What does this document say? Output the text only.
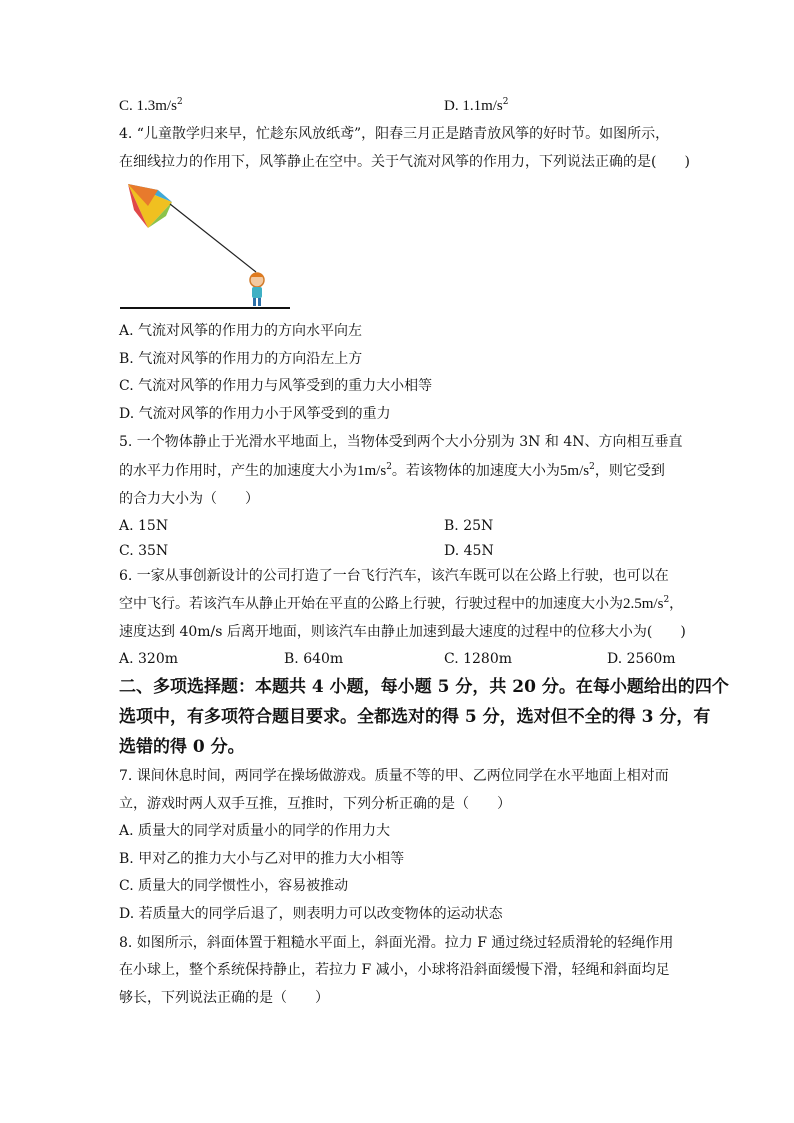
C. $1.3m/s^2$	D. $1.1m/s^2$
4. “儿童散学归来早，忙趁东风放纸鸢”，阳春三月正是踏青放风筝的好时节。如图所示，
在细线拉力的作用下，风筝静止在空中。关于气流对风筝的作用力，下列说法正确的是(　　)
A. 气流对风筝的作用力的方向水平向左
B. 气流对风筝的作用力的方向沿左上方
C. 气流对风筝的作用力与风筝受到的重力大小相等
D. 气流对风筝的作用力小于风筝受到的重力
5. 一个物体静止于光滑水平地面上，当物体受到两个大小分别为 3N 和 4N、方向相互垂直
的水平力作用时，产生的加速度大小为$1m/s^2$。若该物体的加速度大小为$5m/s^2$，则它受到
的合力大小为（　　）
A. 15N	B. 25N
C. 35N	D. 45N
6. 一家从事创新设计的公司打造了一台飞行汽车，该汽车既可以在公路上行驶，也可以在
空中飞行。若该汽车从静止开始在平直的公路上行驶，行驶过程中的加速度大小为$2.5m/s^2$，
速度达到 40m/s 后离开地面，则该汽车由静止加速到最大速度的过程中的位移大小为(　　)
A. 320m	B. 640m	C. 1280m	D. 2560m
二、多项选择题：本题共 4 小题，每小题 5 分，共 20 分。在每小题给出的四个
选项中，有多项符合题目要求。全都选对的得 5 分，选对但不全的得 3 分，有
选错的得 0 分。
7. 课间休息时间，两同学在操场做游戏。质量不等的甲、乙两位同学在水平地面上相对而
立，游戏时两人双手互推，互推时，下列分析正确的是（　　）
A. 质量大的同学对质量小的同学的作用力大
B. 甲对乙的推力大小与乙对甲的推力大小相等
C. 质量大的同学惯性小，容易被推动
D. 若质量大的同学后退了，则表明力可以改变物体的运动状态
8. 如图所示，斜面体置于粗糙水平面上，斜面光滑。拉力 F 通过绕过轻质滑轮的轻绳作用
在小球上，整个系统保持静止，若拉力 F 减小，小球将沿斜面缓慢下滑，轻绳和斜面均足
够长，下列说法正确的是（　　）
